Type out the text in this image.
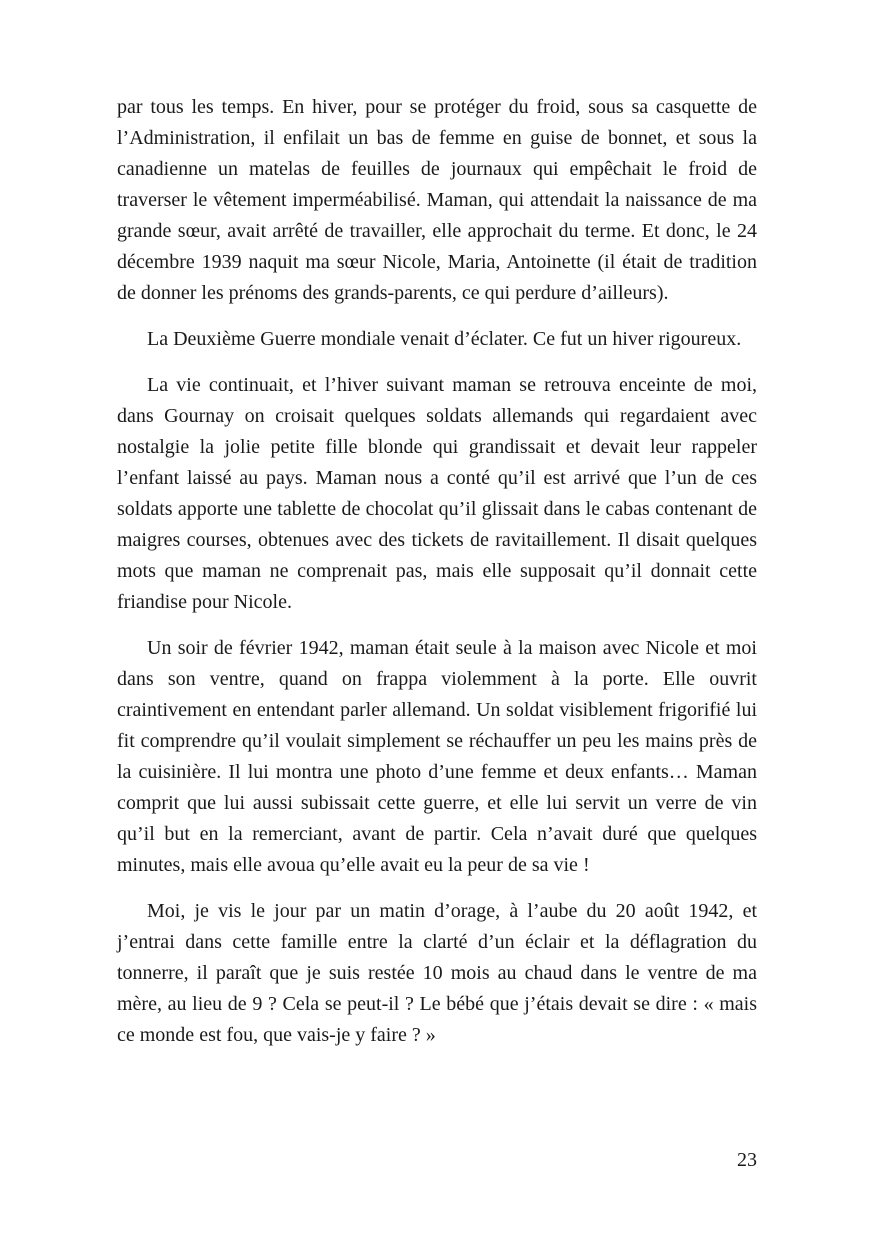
par tous les temps. En hiver, pour se protéger du froid, sous sa casquette de l’Administration, il enfilait un bas de femme en guise de bonnet, et sous la canadienne un matelas de feuilles de journaux qui empêchait le froid de traverser le vêtement imperméabilisé. Maman, qui attendait la naissance de ma grande sœur, avait arrêté de travailler, elle approchait du terme. Et donc, le 24 décembre 1939 naquit ma sœur Nicole, Maria, Antoinette (il était de tradition de donner les prénoms des grands-parents, ce qui perdure d’ailleurs).

La Deuxième Guerre mondiale venait d’éclater. Ce fut un hiver rigoureux.

La vie continuait, et l’hiver suivant maman se retrouva enceinte de moi, dans Gournay on croisait quelques soldats allemands qui regardaient avec nostalgie la jolie petite fille blonde qui grandissait et devait leur rappeler l’enfant laissé au pays. Maman nous a conté qu’il est arrivé que l’un de ces soldats apporte une tablette de chocolat qu’il glissait dans le cabas contenant de maigres courses, obtenues avec des tickets de ravitaillement. Il disait quelques mots que maman ne comprenait pas, mais elle supposait qu’il donnait cette friandise pour Nicole.

Un soir de février 1942, maman était seule à la maison avec Nicole et moi dans son ventre, quand on frappa violemment à la porte. Elle ouvrit craintivement en entendant parler allemand. Un soldat visiblement frigorifié lui fit comprendre qu’il voulait simplement se réchauffer un peu les mains près de la cuisinière. Il lui montra une photo d’une femme et deux enfants… Maman comprit que lui aussi subissait cette guerre, et elle lui servit un verre de vin qu’il but en la remerciant, avant de partir. Cela n’avait duré que quelques minutes, mais elle avoua qu’elle avait eu la peur de sa vie !

Moi, je vis le jour par un matin d’orage, à l’aube du 20 août 1942, et j’entrai dans cette famille entre la clarté d’un éclair et la déflagration du tonnerre, il paraît que je suis restée 10 mois au chaud dans le ventre de ma mère, au lieu de 9 ? Cela se peut-il ? Le bébé que j’étais devait se dire : « mais ce monde est fou, que vais-je y faire ? »

23
